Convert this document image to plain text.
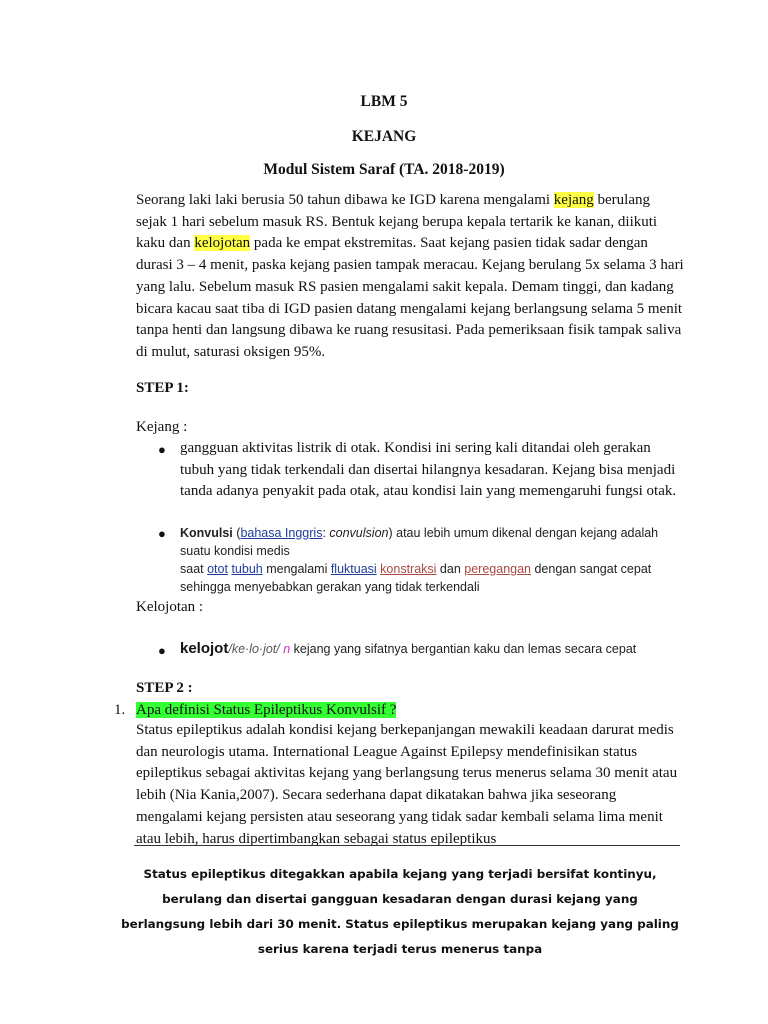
LBM 5
KEJANG
Modul Sistem Saraf (TA. 2018-2019)
Seorang laki laki berusia 50 tahun dibawa ke IGD karena mengalami kejang berulang sejak 1 hari sebelum masuk RS. Bentuk kejang berupa kepala tertarik ke kanan, diikuti kaku dan kelojotan pada ke empat ekstremitas. Saat kejang pasien tidak sadar dengan durasi 3 – 4 menit, paska kejang pasien tampak meracau. Kejang berulang 5x selama 3 hari yang lalu. Sebelum masuk RS pasien mengalami sakit kepala. Demam tinggi, dan kadang bicara kacau saat tiba di IGD pasien datang mengalami kejang berlangsung selama 5 menit tanpa henti dan langsung dibawa ke ruang resusitasi. Pada pemeriksaan fisik tampak saliva di mulut, saturasi oksigen 95%.
STEP 1:
Kejang :
● gangguan aktivitas listrik di otak. Kondisi ini sering kali ditandai oleh gerakan tubuh yang tidak terkendali dan disertai hilangnya kesadaran. Kejang bisa menjadi tanda adanya penyakit pada otak, atau kondisi lain yang memengaruhi fungsi otak.
● Konvulsi (bahasa Inggris: convulsion) atau lebih umum dikenal dengan kejang adalah suatu kondisi medis
saat otot tubuh mengalami fluktuasi konstraksi dan peregangan dengan sangat cepat sehingga menyebabkan gerakan yang tidak terkendali
Kelojotan :
● kelojot/ke·lo·jot/ n kejang yang sifatnya bergantian kaku dan lemas secara cepat
STEP 2 :
1. Apa definisi Status Epileptikus Konvulsif ?
Status epileptikus adalah kondisi kejang berkepanjangan mewakili keadaan darurat medis dan neurologis utama. International League Against Epilepsy mendefinisikan status epileptikus sebagai aktivitas kejang yang berlangsung terus menerus selama 30 menit atau lebih (Nia Kania,2007). Secara sederhana dapat dikatakan bahwa jika seseorang mengalami kejang persisten atau seseorang yang tidak sadar kembali selama lima menit atau lebih, harus dipertimbangkan sebagai status epileptikus
Status epileptikus ditegakkan apabila kejang yang terjadi bersifat kontinyu, berulang dan disertai gangguan kesadaran dengan durasi kejang yang berlangsung lebih dari 30 menit. Status epileptikus merupakan kejang yang paling serius karena terjadi terus menerus tanpa
